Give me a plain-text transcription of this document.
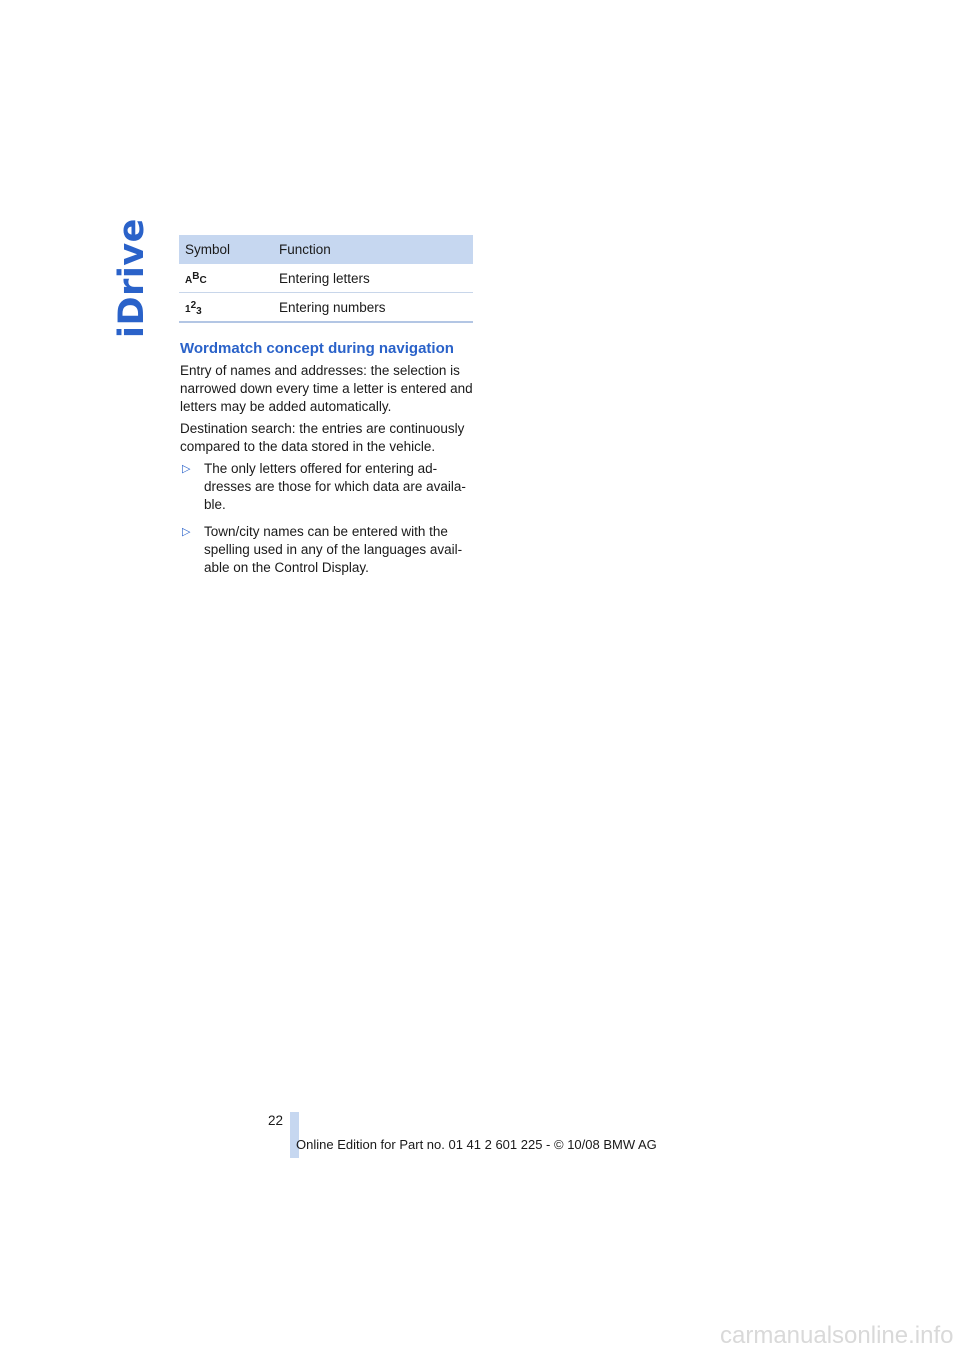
iDrive Symbol	Function
ABC	Entering letters
123	Entering numbers
Wordmatch concept during navigation

Entry of names and addresses: the selection is narrowed down every time a letter is entered and letters may be added automatically.

Destination search: the entries are continuously compared to the data stored in the vehicle.

▷ The only letters offered for entering ad-dresses are those for which data are availa-ble.
▷ Town/city names can be entered with the spelling used in any of the languages avail-able on the Control Display.
22
Online Edition for Part no. 01 41 2 601 225 - © 10/08 BMW AG
carmanualsonline.info
